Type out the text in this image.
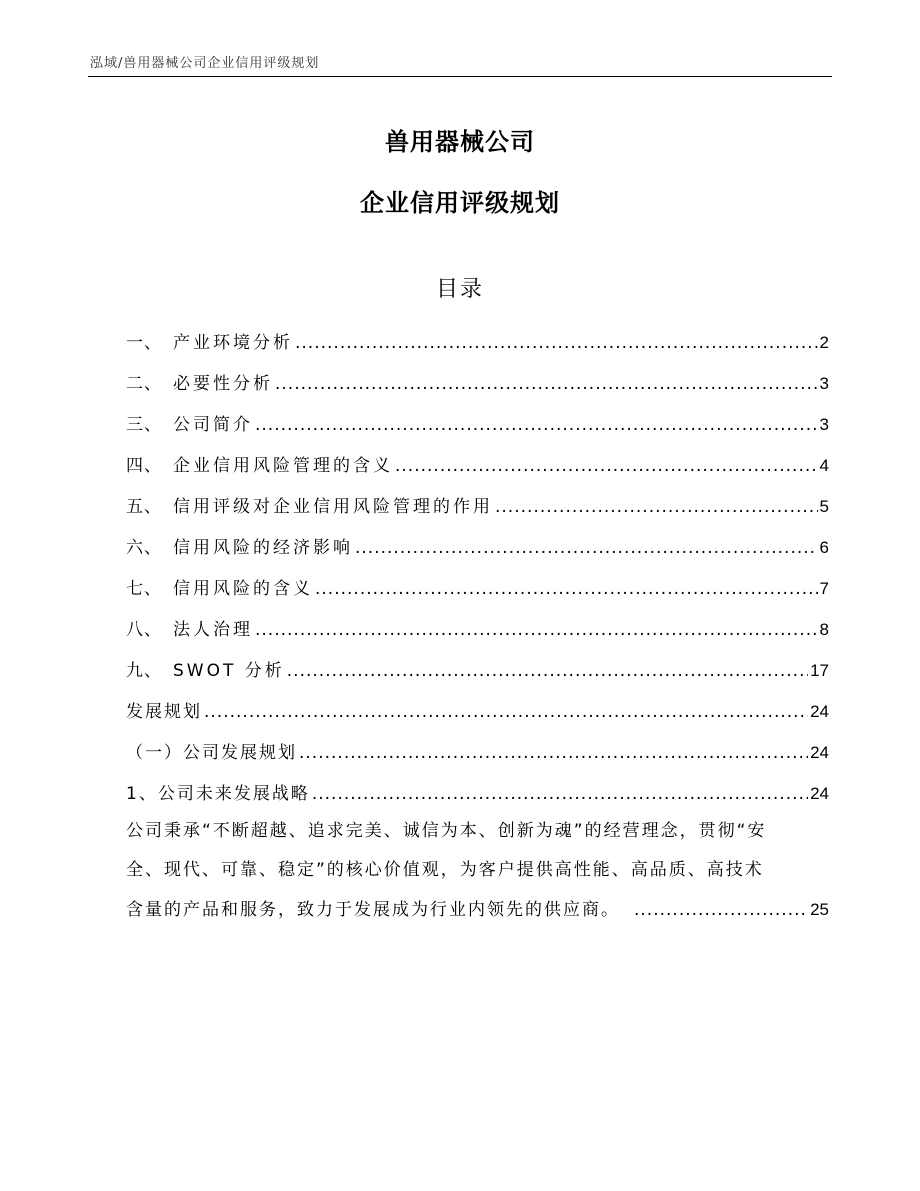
泓域/兽用器械公司企业信用评级规划
兽用器械公司
企业信用评级规划
目录
一、 产业环境分析 .....	2
二、 必要性分析 .....	3
三、 公司简介 .....	3
四、 企业信用风险管理的含义 .....	4
五、 信用评级对企业信用风险管理的作用 .....	5
六、 信用风险的经济影响 .....	6
七、 信用风险的含义 .....	7
八、 法人治理 .....	8
九、 SWOT 分析 .....	17
发展规划 .....	24
（一）公司发展规划 .....	24
1、公司未来发展战略 .....	24
公司秉承“不断超越、追求完美、诚信为本、创新为魂”的经营理念，贯彻“安
全、现代、可靠、稳定”的核心价值观，为客户提供高性能、高品质、高技术
含量的产品和服务，致力于发展成为行业内领先的供应商。 .....	25
